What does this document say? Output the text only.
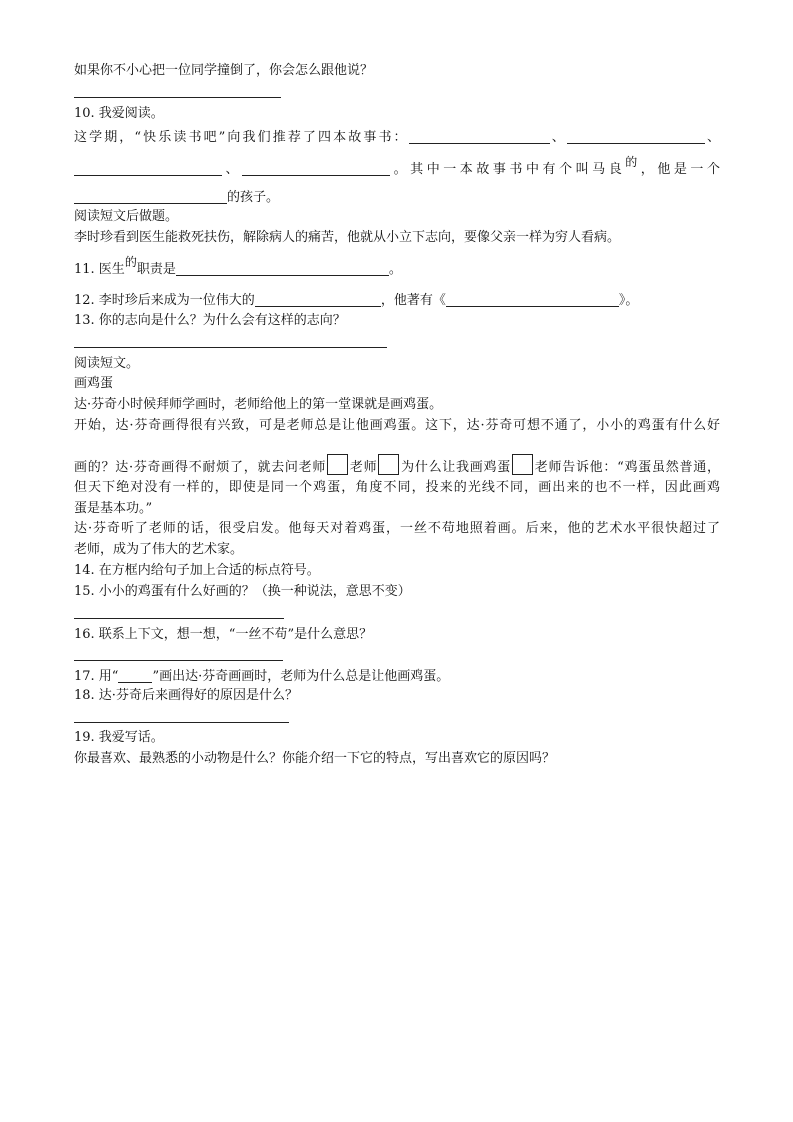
如果你不小心把一位同学撞倒了，你会怎么跟他说？
10. 我爱阅读。
这学期，“快乐读书吧”向我们推荐了四本故事书：	、	、
、	。其中一本故事书中有个叫马良的，他是一个
的孩子。
阅读短文后做题。
李时珍看到医生能救死扶伤，解除病人的痛苦，他就从小立下志向，要像父亲一样为穷人看病。
11. 医生的职责是	。
12. 李时珍后来成为一位伟大的	，他著有《	》。
13. 你的志向是什么？为什么会有这样的志向？
阅读短文。
画鸡蛋
达·芬奇小时候拜师学画时，老师给他上的第一堂课就是画鸡蛋。
开始，达·芬奇画得很有兴致，可是老师总是让他画鸡蛋。这下，达·芬奇可想不通了，小小的鸡蛋有什么好
画的？达·芬奇画得不耐烦了，就去问老师 老师 为什么让我画鸡蛋 老师告诉他：“鸡蛋虽然普通，
但天下绝对没有一样的，即使是同一个鸡蛋，角度不同，投来的光线不同，画出来的也不一样，因此画鸡
蛋是基本功。”
达·芬奇听了老师的话，很受启发。他每天对着鸡蛋，一丝不苟地照着画。后来，他的艺术水平很快超过了
老师，成为了伟大的艺术家。
14. 在方框内给句子加上合适的标点符号。
15. 小小的鸡蛋有什么好画的？（换一种说法，意思不变）
16. 联系上下文，想一想，“一丝不苟”是什么意思？
17. 用“	”画出达·芬奇画画时，老师为什么总是让他画鸡蛋。
18. 达·芬奇后来画得好的原因是什么？
19. 我爱写话。
你最喜欢、最熟悉的小动物是什么？你能介绍一下它的特点，写出喜欢它的原因吗？
